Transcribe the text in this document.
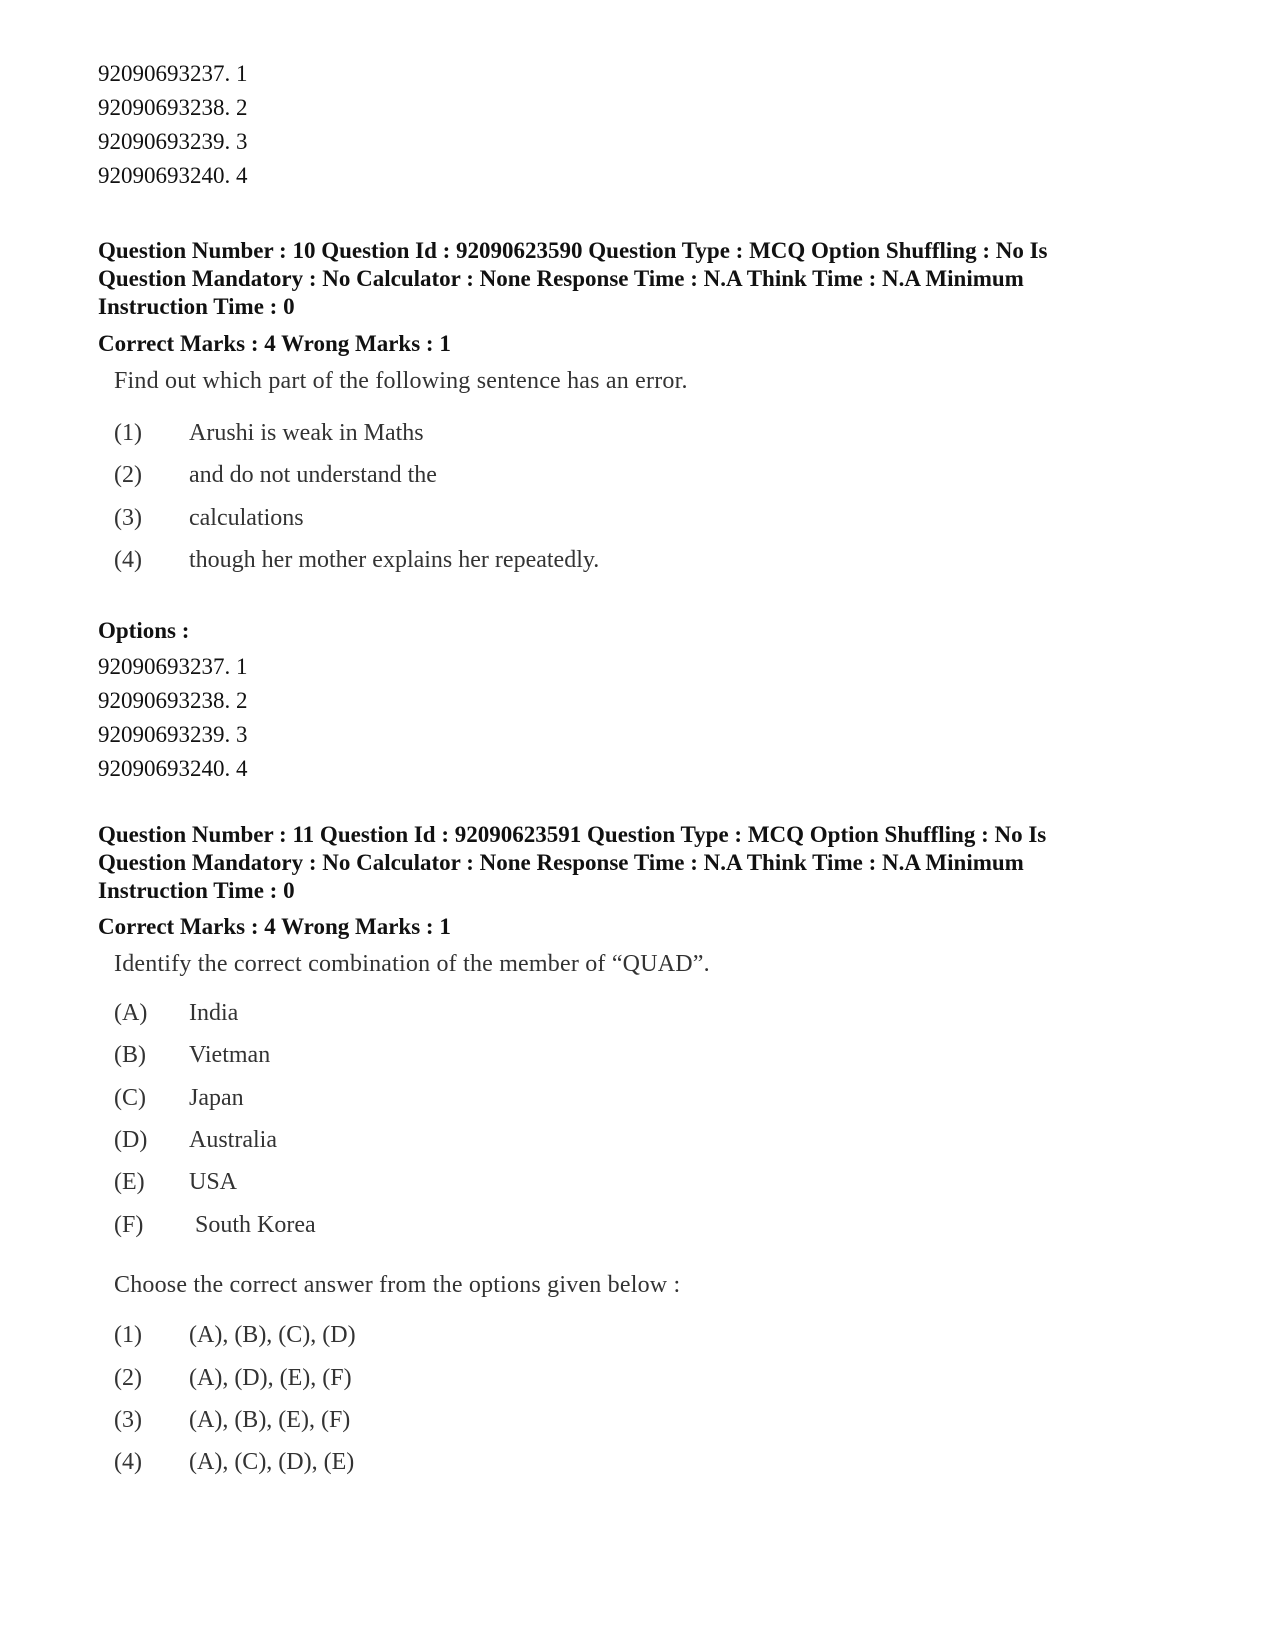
92090693237. 1
92090693238. 2
92090693239. 3
92090693240. 4
Question Number : 10 Question Id : 92090623590 Question Type : MCQ Option Shuffling : No Is
Question Mandatory : No Calculator : None Response Time : N.A Think Time : N.A Minimum
Instruction Time : 0
Correct Marks : 4 Wrong Marks : 1
Find out which part of the following sentence has an error.
(1) Arushi is weak in Maths
(2) and do not understand the
(3) calculations
(4) though her mother explains her repeatedly.
Options :
92090693237. 1
92090693238. 2
92090693239. 3
92090693240. 4
Question Number : 11 Question Id : 92090623591 Question Type : MCQ Option Shuffling : No Is
Question Mandatory : No Calculator : None Response Time : N.A Think Time : N.A Minimum
Instruction Time : 0
Correct Marks : 4 Wrong Marks : 1
Identify the correct combination of the member of “QUAD”.
(A) India
(B) Vietman
(C) Japan
(D) Australia
(E) USA
(F) South Korea
Choose the correct answer from the options given below :
(1) (A), (B), (C), (D)
(2) (A), (D), (E), (F)
(3) (A), (B), (E), (F)
(4) (A), (C), (D), (E)
